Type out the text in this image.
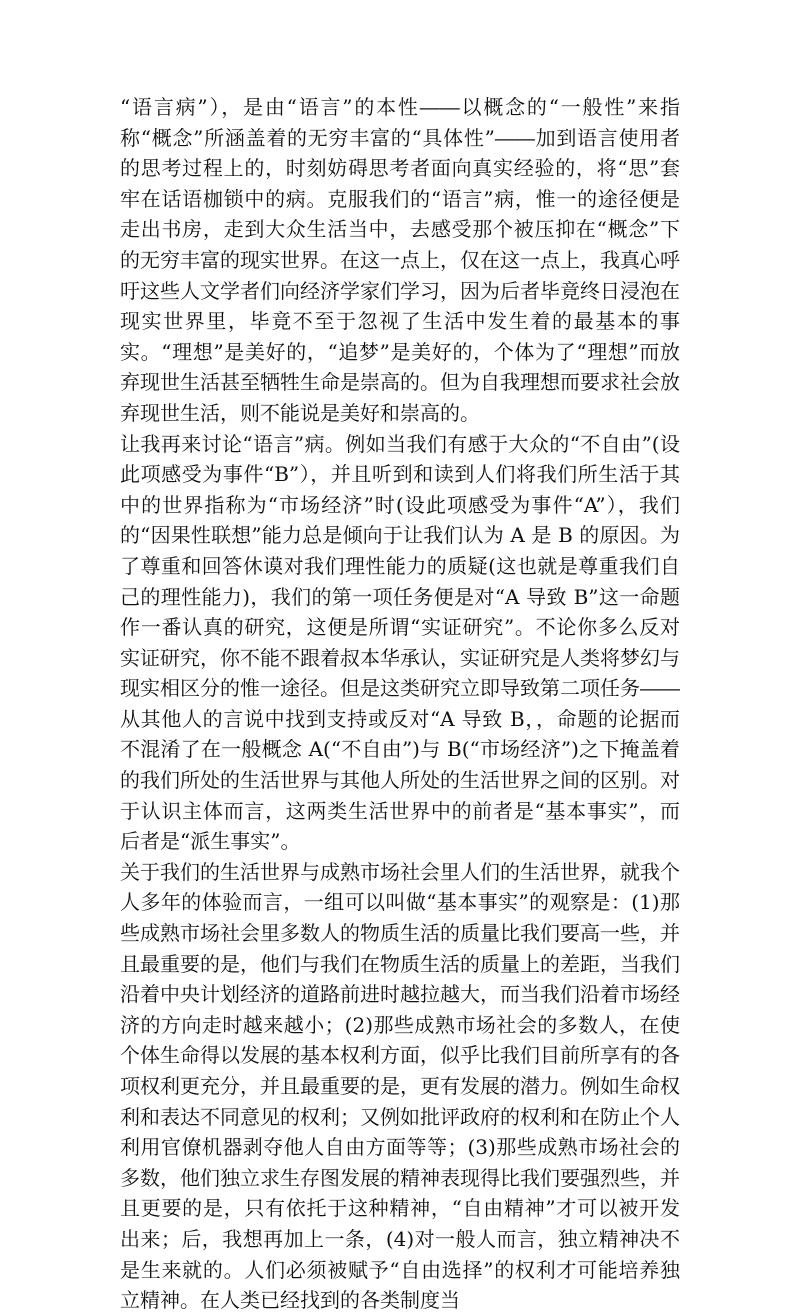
“语言病”），是由“语言”的本性――以概念的“一般性”来指称“概念”所涵盖着的无穷丰富的“具体性”――加到语言使用者的思考过程上的，时刻妨碍思考者面向真实经验的，将“思”套牢在话语枷锁中的病。克服我们的“语言”病，惟一的途径便是走出书房，走到大众生活当中，去感受那个被压抑在“概念”下的无穷丰富的现实世界。在这一点上，仅在这一点上，我真心呼吁这些人文学者们向经济学家们学习，因为后者毕竟终日浸泡在现实世界里，毕竟不至于忽视了生活中发生着的最基本的事实。“理想”是美好的，“追梦”是美好的，个体为了“理想”而放弃现世生活甚至牺牲生命是崇高的。但为自我理想而要求社会放弃现世生活，则不能说是美好和崇高的。

让我再来讨论“语言”病。例如当我们有感于大众的“不自由”(设此项感受为事件“B”），并且听到和读到人们将我们所生活于其中的世界指称为“市场经济”时(设此项感受为事件“A”），我们的“因果性联想”能力总是倾向于让我们认为 A 是 B 的原因。为了尊重和回答休谟对我们理性能力的质疑(这也就是尊重我们自己的理性能力)，我们的第一项任务便是对“A 导致 B”这一命题作一番认真的研究，这便是所谓“实证研究”。不论你多么反对实证研究，你不能不跟着叔本华承认，实证研究是人类将梦幻与现实相区分的惟一途径。但是这类研究立即导致第二项任务――从其他人的言说中找到支持或反对“A 导致 B，，命题的论据而不混淆了在一般概念 A(“不自由”)与 B(“市场经济”)之下掩盖着的我们所处的生活世界与其他人所处的生活世界之间的区别。对于认识主体而言，这两类生活世界中的前者是“基本事实”，而后者是“派生事实”。

关于我们的生活世界与成熟市场社会里人们的生活世界，就我个人多年的体验而言，一组可以叫做“基本事实”的观察是：(1)那些成熟市场社会里多数人的物质生活的质量比我们要高一些，并且最重要的是，他们与我们在物质生活的质量上的差距，当我们沿着中央计划经济的道路前进时越拉越大，而当我们沿着市场经济的方向走时越来越小；(2)那些成熟市场社会的多数人，在使个体生命得以发展的基本权利方面，似乎比我们目前所享有的各项权利更充分，并且最重要的是，更有发展的潜力。例如生命权利和表达不同意见的权利；又例如批评政府的权利和在防止个人利用官僚机器剥夺他人自由方面等等；(3)那些成熟市场社会的多数，他们独立求生存图发展的精神表现得比我们要强烈些，并且更要的是，只有依托于这种精神，“自由精神”才可以被开发出来；后，我想再加上一条，(4)对一般人而言，独立精神决不是生来就的。人们必须被赋予“自由选择”的权利才可能培养独立精神。在人类已经找到的各类制度当
